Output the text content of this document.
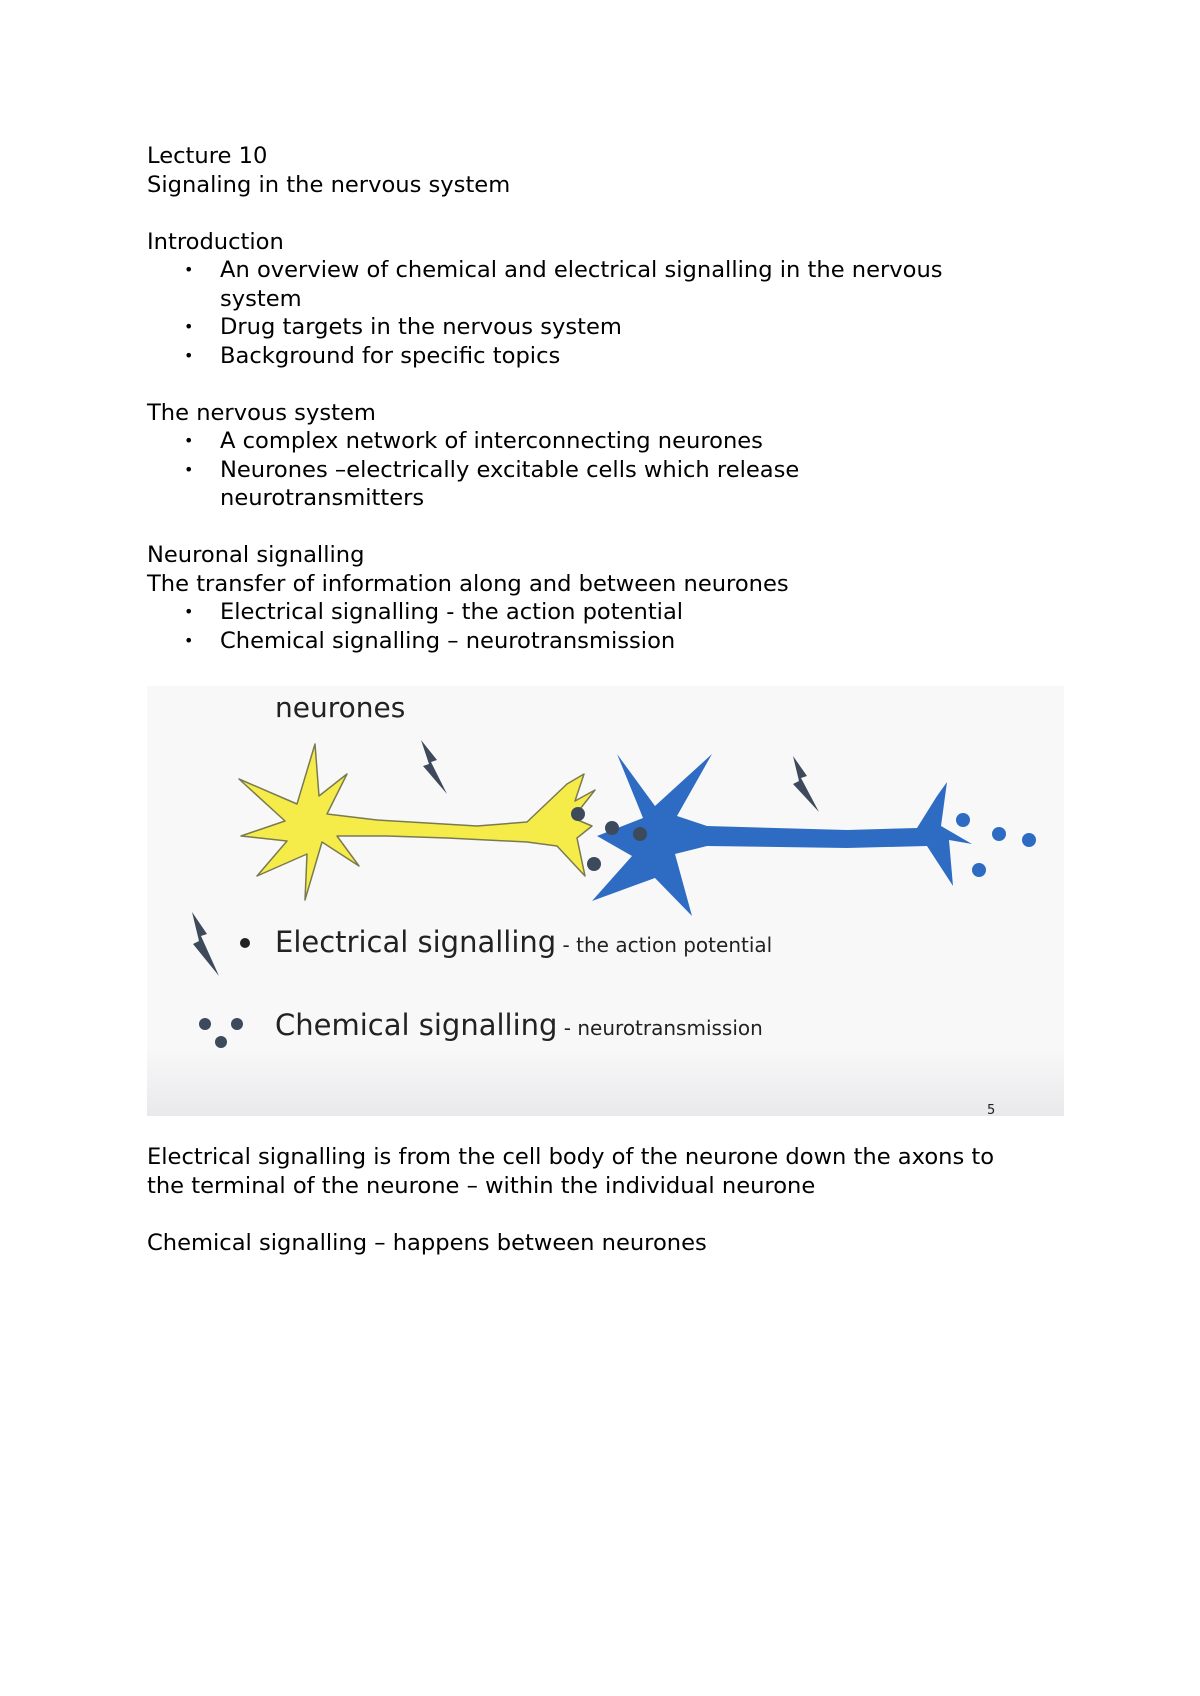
Lecture 10
Signaling in the nervous system
Introduction
• An overview of chemical and electrical signalling in the nervous
system
• Drug targets in the nervous system
• Background for specific topics
The nervous system
• A complex network of interconnecting neurones
• Neurones –electrically excitable cells which release
neurotransmitters
Neuronal signalling
The transfer of information along and between neurones
• Electrical signalling - the action potential
• Chemical signalling – neurotransmission
neurones
Electrical signalling - the action potential
Chemical signalling - neurotransmission
5
Electrical signalling is from the cell body of the neurone down the axons to
the terminal of the neurone – within the individual neurone
Chemical signalling – happens between neurones
